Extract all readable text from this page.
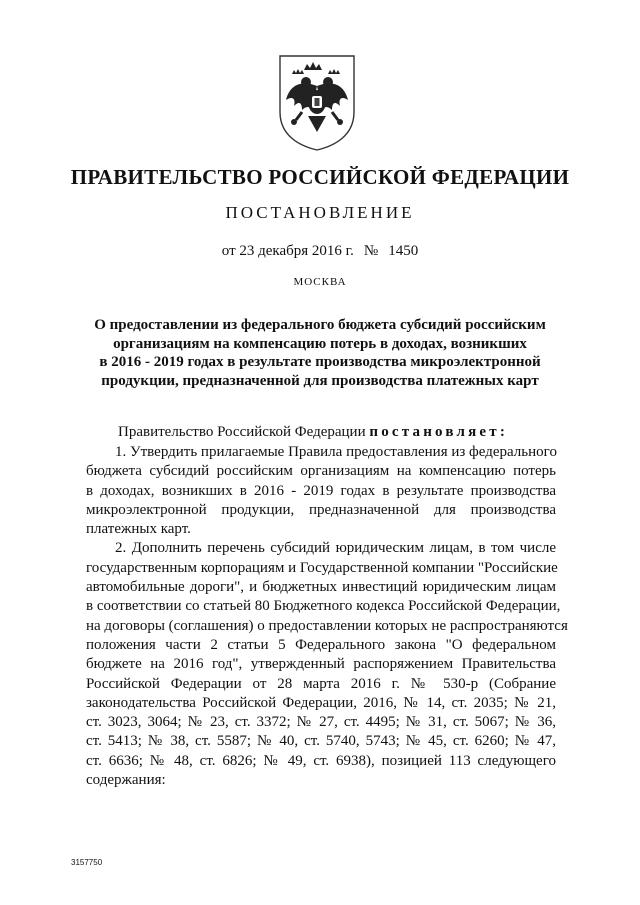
ПРАВИТЕЛЬСТВО РОССИЙСКОЙ ФЕДЕРАЦИИ
ПОСТАНОВЛЕНИЕ
от 23 декабря 2016 г. № 1450
МОСКВА
О предоставлении из федерального бюджета субсидий российским
организациям на компенсацию потерь в доходах, возникших
в 2016 - 2019 годах в результате производства микроэлектронной
продукции, предназначенной для производства платежных карт
Правительство Российской Федерации постановляет:
1. Утвердить прилагаемые Правила предоставления из федерального
бюджета субсидий российским организациям на компенсацию потерь
в доходах, возникших в 2016 - 2019 годах в результате производства
микроэлектронной продукции, предназначенной для производства
платежных карт.
2. Дополнить перечень субсидий юридическим лицам, в том числе
государственным корпорациям и Государственной компании "Российские
автомобильные дороги", и бюджетных инвестиций юридическим лицам
в соответствии со статьей 80 Бюджетного кодекса Российской Федерации,
на договоры (соглашения) о предоставлении которых не распространяются
положения части 2 статьи 5 Федерального закона "О федеральном
бюджете на 2016 год", утвержденный распоряжением Правительства
Российской Федерации от 28 марта 2016 г. № 530-р (Собрание
законодательства Российской Федерации, 2016, № 14, ст. 2035; № 21,
ст. 3023, 3064; № 23, ст. 3372; № 27, ст. 4495; № 31, ст. 5067; № 36,
ст. 5413; № 38, ст. 5587; № 40, ст. 5740, 5743; № 45, ст. 6260; № 47,
ст. 6636; № 48, ст. 6826; № 49, ст. 6938), позицией 113 следующего
содержания:
3157750
